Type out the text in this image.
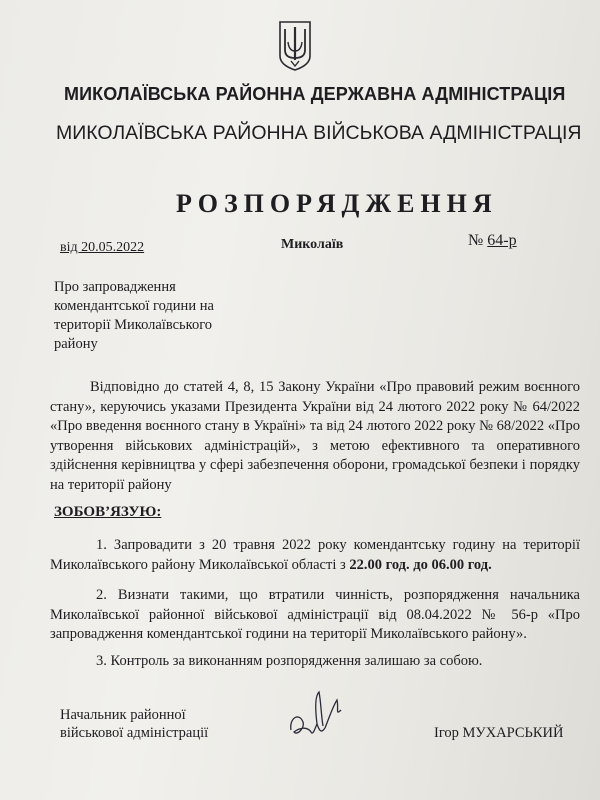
МИКОЛАЇВСЬКА РАЙОННА ДЕРЖАВНА АДМІНІСТРАЦІЯ
МИКОЛАЇВСЬКА РАЙОННА ВІЙСЬКОВА АДМІНІСТРАЦІЯ
РОЗПОРЯДЖЕННЯ
від 20.05.2022	Миколаїв	№ 64-р
Про запровадження
комендантської години на
території Миколаївського
району
Відповідно до статей 4, 8, 15 Закону України «Про правовий режим воєнного стану», керуючись указами Президента України від 24 лютого 2022 року № 64/2022 «Про введення воєнного стану в Україні» та від 24 лютого 2022 року № 68/2022 «Про утворення військових адміністрацій», з метою ефективного та оперативного здійснення керівництва у сфері забезпечення оборони, громадської безпеки і порядку на території району
ЗОБОВ’ЯЗУЮ:
1. Запровадити з 20 травня 2022 року комендантську годину на території Миколаївського району Миколаївської області з 22.00 год. до 06.00 год.
2. Визнати такими, що втратили чинність, розпорядження начальника Миколаївської районної військової адміністрації від 08.04.2022 № 56-р «Про запровадження комендантської години на території Миколаївського району».
3. Контроль за виконанням розпорядження залишаю за собою.
Начальник районної
військової адміністрації	Ігор МУХАРСЬКИЙ
